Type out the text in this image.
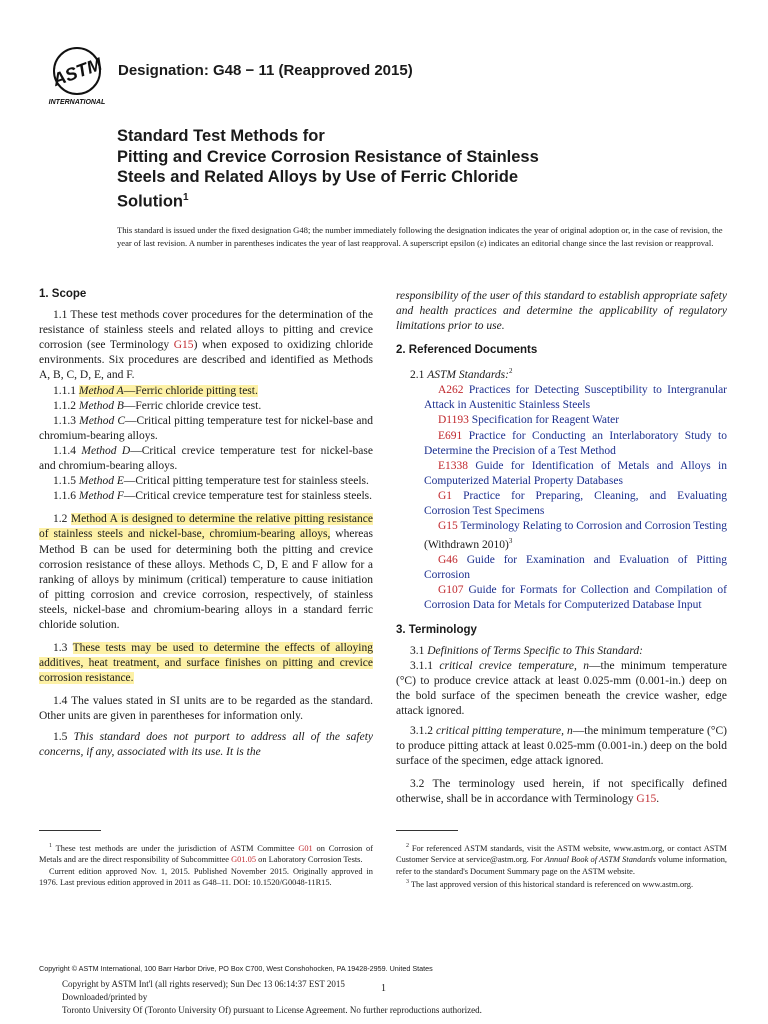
ASTM
INTERNATIONAL
Designation: G48 − 11 (Reapproved 2015)
Standard Test Methods for
Pitting and Crevice Corrosion Resistance of Stainless
Steels and Related Alloys by Use of Ferric Chloride
Solution$^1$
This standard is issued under the fixed designation G48; the number immediately following the designation indicates the year of original adoption or, in the case of revision, the year of last revision. A number in parentheses indicates the year of last reapproval. A superscript epsilon (ε) indicates an editorial change since the last revision or reapproval.
1. Scope

1.1 These test methods cover procedures for the determination of the resistance of stainless steels and related alloys to pitting and crevice corrosion (see Terminology G15) when exposed to oxidizing chloride environments. Six procedures are described and identified as Methods A, B, C, D, E, and F.

1.1.1 Method A—Ferric chloride pitting test.

1.1.2 Method B—Ferric chloride crevice test.

1.1.3 Method C—Critical pitting temperature test for nickel-base and chromium-bearing alloys.

1.1.4 Method D—Critical crevice temperature test for nickel-base and chromium-bearing alloys.

1.1.5 Method E—Critical pitting temperature test for stainless steels.

1.1.6 Method F—Critical crevice temperature test for stainless steels.

1.2 Method A is designed to determine the relative pitting resistance of stainless steels and nickel-base, chromium-bearing alloys, whereas Method B can be used for determining both the pitting and crevice corrosion resistance of these alloys. Methods C, D, E and F allow for a ranking of alloys by minimum (critical) temperature to cause initiation of pitting corrosion and crevice corrosion, respectively, of stainless steels, nickel-base and chromium-bearing alloys in a standard ferric chloride solution.

1.3 These tests may be used to determine the effects of alloying additives, heat treatment, and surface finishes on pitting and crevice corrosion resistance.

1.4 The values stated in SI units are to be regarded as the standard. Other units are given in parentheses for information only.

1.5 This standard does not purport to address all of the safety concerns, if any, associated with its use. It is the

responsibility of the user of this standard to establish appropriate safety and health practices and determine the applicability of regulatory limitations prior to use.

2. Referenced Documents

2.1 ASTM Standards:$^2$

A262 Practices for Detecting Susceptibility to Intergranular Attack in Austenitic Stainless Steels

D1193 Specification for Reagent Water

E691 Practice for Conducting an Interlaboratory Study to Determine the Precision of a Test Method

E1338 Guide for Identification of Metals and Alloys in Computerized Material Property Databases

G1 Practice for Preparing, Cleaning, and Evaluating Corrosion Test Specimens

G15 Terminology Relating to Corrosion and Corrosion Testing (Withdrawn 2010)$^3$

G46 Guide for Examination and Evaluation of Pitting Corrosion

G107 Guide for Formats for Collection and Compilation of Corrosion Data for Metals for Computerized Database Input

3. Terminology

3.1 Definitions of Terms Specific to This Standard:

3.1.1 critical crevice temperature, n—the minimum temperature (°C) to produce crevice attack at least 0.025-mm (0.001-in.) deep on the bold surface of the specimen beneath the crevice washer, edge attack ignored.

3.1.2 critical pitting temperature, n—the minimum temperature (°C) to produce pitting attack at least 0.025-mm (0.001-in.) deep on the bold surface of the specimen, edge attack ignored.

3.2 The terminology used herein, if not specifically defined otherwise, shall be in accordance with Terminology G15.

$^1$ These test methods are under the jurisdiction of ASTM Committee G01 on Corrosion of Metals and are the direct responsibility of Subcommittee G01.05 on Laboratory Corrosion Tests.

Current edition approved Nov. 1, 2015. Published November 2015. Originally approved in 1976. Last previous edition approved in 2011 as G48–11. DOI: 10.1520/G0048-11R15.

$^2$ For referenced ASTM standards, visit the ASTM website, www.astm.org, or contact ASTM Customer Service at service@astm.org. For Annual Book of ASTM Standards volume information, refer to the standard's Document Summary page on the ASTM website.

$^3$ The last approved version of this historical standard is referenced on www.astm.org.

Copyright © ASTM International, 100 Barr Harbor Drive, PO Box C700, West Conshohocken, PA 19428-2959. United States
Copyright by ASTM Int'l (all rights reserved); Sun Dec 13 06:14:37 EST 2015
Downloaded/printed by
Toronto University Of (Toronto University Of) pursuant to License Agreement. No further reproductions authorized.
1
